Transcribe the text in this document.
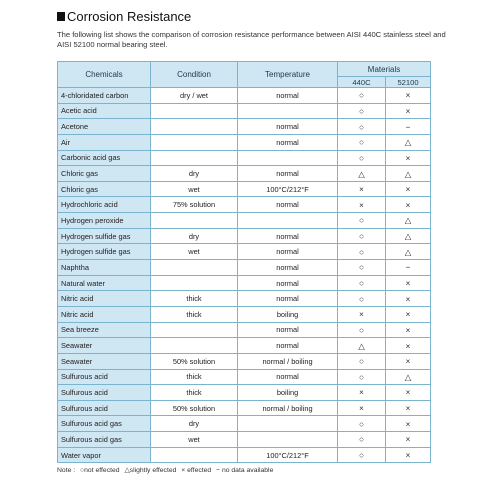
Corrosion Resistance
The following list shows the comparison of corrosion resistance performance between AISI 440C stainless steel and AISI 52100 normal bearing steel.
Chemicals	Condition	Temperature	Materials	
			440C	52100
4-chloridated carbon	dry / wet	normal	○	×
Acetic acid			○	×
Acetone		normal	○	−
Air		normal	○	△
Carbonic acid gas			○	×
Chloric gas	dry	normal	△	△
Chloric gas	wet	100°C/212°F	×	×
Hydrochloric acid	75% solution	normal	×	×
Hydrogen peroxide			○	△
Hydrogen sulfide gas	dry	normal	○	△
Hydrogen sulfide gas	wet	normal	○	△
Naphtha		normal	○	−
Natural water		normal	○	×
Nitric acid	thick	normal	○	×
Nitric acid	thick	boiling	×	×
Sea breeze		normal	○	×
Seawater		normal	△	×
Seawater	50% solution	normal / boiling	○	×
Sulfurous acid	thick	normal	○	△
Sulfurous acid	thick	boiling	×	×
Sulfurous acid	50% solution	normal / boiling	×	×
Sulfurous acid gas	dry		○	×
Sulfurous acid gas	wet		○	×
Water vapor		100°C/212°F	○	×
Note : ○not effected △slightly effected × effected − no data available
